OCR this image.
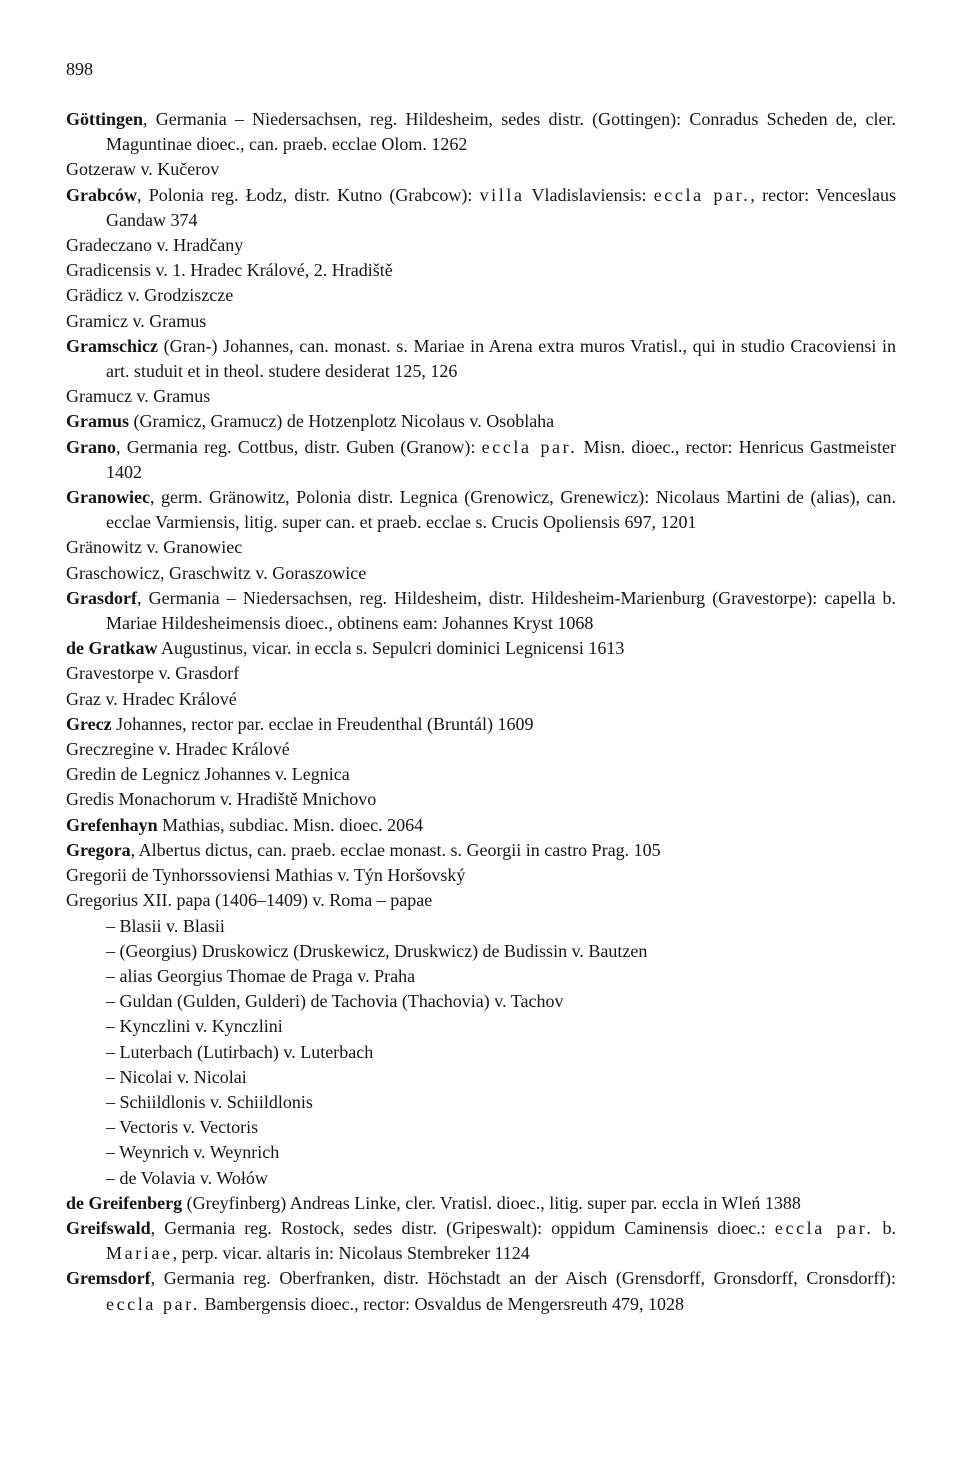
898
Göttingen, Germania – Niedersachsen, reg. Hildesheim, sedes distr. (Gottingen): Conradus Scheden de, cler. Maguntinae dioec., can. praeb. ecclae Olom. 1262
Gotzeraw v. Kučerov
Grabców, Polonia reg. Łodz, distr. Kutno (Grabcow): villa Vladislaviensis: eccla par., rector: Venceslaus Gandaw 374
Gradeczano v. Hradčany
Gradicensis v. 1. Hradec Králové, 2. Hradiště
Grädicz v. Grodziszcze
Gramicz v. Gramus
Gramschicz (Gran-) Johannes, can. monast. s. Mariae in Arena extra muros Vratisl., qui in studio Cracoviensi in art. studuit et in theol. studere desiderat 125, 126
Gramucz v. Gramus
Gramus (Gramicz, Gramucz) de Hotzenplotz Nicolaus v. Osoblaha
Grano, Germania reg. Cottbus, distr. Guben (Granow): eccla par. Misn. dioec., rector: Henricus Gastmeister 1402
Granowiec, germ. Gränowitz, Polonia distr. Legnica (Grenowicz, Grenewicz): Nicolaus Martini de (alias), can. ecclae Varmiensis, litig. super can. et praeb. ecclae s. Crucis Opoliensis 697, 1201
Gränowitz v. Granowiec
Graschowicz, Graschwitz v. Goraszowice
Grasdorf, Germania – Niedersachsen, reg. Hildesheim, distr. Hildesheim-Marienburg (Gravestorpe): capella b. Mariae Hildesheimensis dioec., obtinens eam: Johannes Kryst 1068
de Gratkaw Augustinus, vicar. in eccla s. Sepulcri dominici Legnicensi 1613
Gravestorpe v. Grasdorf
Graz v. Hradec Králové
Grecz Johannes, rector par. ecclae in Freudenthal (Bruntál) 1609
Greczregine v. Hradec Králové
Gredin de Legnicz Johannes v. Legnica
Gredis Monachorum v. Hradiště Mnichovo
Grefenhayn Mathias, subdiac. Misn. dioec. 2064
Gregora, Albertus dictus, can. praeb. ecclae monast. s. Georgii in castro Prag. 105
Gregorii de Tynhorssoviensi Mathias v. Týn Horšovský
Gregorius XII. papa (1406–1409) v. Roma – papae
– Blasii v. Blasii
– (Georgius) Druskowicz (Druskewicz, Druskwicz) de Budissin v. Bautzen
– alias Georgius Thomae de Praga v. Praha
– Guldan (Gulden, Gulderi) de Tachovia (Thachovia) v. Tachov
– Kynczlini v. Kynczlini
– Luterbach (Lutirbach) v. Luterbach
– Nicolai v. Nicolai
– Schiildlonis v. Schiildlonis
– Vectoris v. Vectoris
– Weynrich v. Weynrich
– de Volavia v. Wołów
de Greifenberg (Greyfinberg) Andreas Linke, cler. Vratisl. dioec., litig. super par. eccla in Wleń 1388
Greifswald, Germania reg. Rostock, sedes distr. (Gripeswalt): oppidum Caminensis dioec.: eccla par. b. Mariae, perp. vicar. altaris in: Nicolaus Stembreker 1124
Gremsdorf, Germania reg. Oberfranken, distr. Höchstadt an der Aisch (Grensdorff, Gronsdorff, Cronsdorff): eccla par. Bambergensis dioec., rector: Osvaldus de Mengersreuth 479, 1028
